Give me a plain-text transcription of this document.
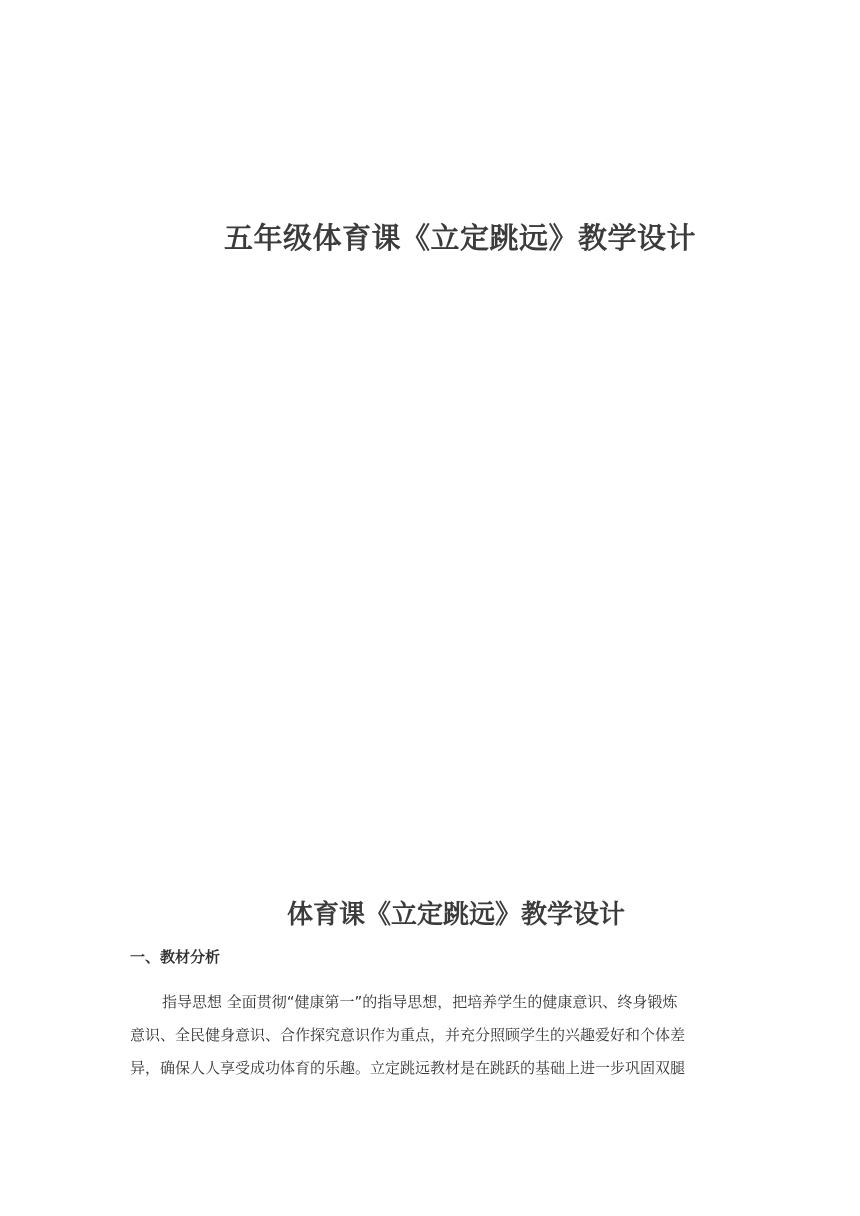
五年级体育课《立定跳远》教学设计
体育课《立定跳远》教学设计
一、教材分析
指导思想 全面贯彻“健康第一”的指导思想，把培养学生的健康意识、终身锻炼
意识、全民健身意识、合作探究意识作为重点，并充分照顾学生的兴趣爱好和个体差
异，确保人人享受成功体育的乐趣。立定跳远教材是在跳跃的基础上进一步巩固双腿
